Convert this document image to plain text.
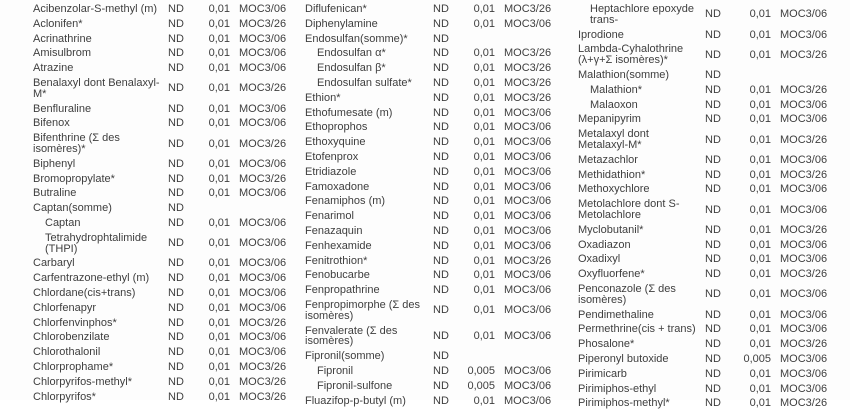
Acibenzolar-S-methyl (m) ND	0,01 MOC3/06
Aclonifen*	ND	0,01 MOC3/26
Acrinathrine	ND	0,01 MOC3/06
Amisulbrom	ND	0,01 MOC3/06
Atrazine	ND	0,01 MOC3/06
Benalaxyl dont Benalaxyl-M*	ND	0,01 MOC3/26
Benfluraline	ND	0,01 MOC3/06
Bifenox	ND	0,01 MOC3/06
Bifenthrine (Σ des isomères)*	ND	0,01 MOC3/26
Biphenyl	ND	0,01 MOC3/06
Bromopropylate*	ND	0,01 MOC3/26
Butraline	ND	0,01 MOC3/06
Captan(somme)	ND
Captan	ND	0,01 MOC3/06
Tetrahydrophtalimide (THPI)	ND	0,01 MOC3/06
Carbaryl	ND	0,01 MOC3/06
Carfentrazone-ethyl (m)	ND	0,01 MOC3/06
Chlordane(cis+trans)	ND	0,01 MOC3/06
Chlorfenapyr	ND	0,01 MOC3/06
Chlorfenvinphos*	ND	0,01 MOC3/26
Chlorobenzilate	ND	0,01 MOC3/06
Chlorothalonil	ND	0,01 MOC3/06
Chlorprophame*	ND	0,01 MOC3/26
Chlorpyrifos-methyl*	ND	0,01 MOC3/26
Chlorpyrifos*	ND	0,01 MOC3/26
Diflufenican*	ND	0,01 MOC3/26
Diphenylamine	ND	0,01 MOC3/06
Endosulfan(somme)*	ND
Endosulfan α*	ND	0,01 MOC3/26
Endosulfan β*	ND	0,01 MOC3/26
Endosulfan sulfate*	ND	0,01 MOC3/26
Ethion*	ND	0,01 MOC3/26
Ethofumesate (m)	ND	0,01 MOC3/06
Ethoprophos	ND	0,01 MOC3/06
Ethoxyquine	ND	0,01 MOC3/06
Etofenprox	ND	0,01 MOC3/06
Etridiazole	ND	0,01 MOC3/06
Famoxadone	ND	0,01 MOC3/06
Fenamiphos (m)	ND	0,01 MOC3/06
Fenarimol	ND	0,01 MOC3/06
Fenazaquin	ND	0,01 MOC3/06
Fenhexamide	ND	0,01 MOC3/06
Fenitrothion*	ND	0,01 MOC3/26
Fenobucarbe	ND	0,01 MOC3/06
Fenpropathrine	ND	0,01 MOC3/06
Fenpropimorphe (Σ des isomères)	ND	0,01 MOC3/06
Fenvalerate (Σ des isomères)	ND	0,01 MOC3/06
Fipronil(somme)	ND
Fipronil	ND	0,005 MOC3/06
Fipronil-sulfone	ND	0,005 MOC3/06
Fluazifop-p-butyl (m)	ND	0,01 MOC3/06
Heptachlore epoxyde trans-	ND	0,01 MOC3/06
Iprodione	ND	0,01 MOC3/06
Lambda-Cyhalothrine (λ+γ+Σ isomères)*	ND	0,01 MOC3/26
Malathion(somme)	ND
Malathion*	ND	0,01 MOC3/26
Malaoxon	ND	0,01 MOC3/06
Mepanipyrim	ND	0,01 MOC3/06
Metalaxyl dont Metalaxyl-M*	ND	0,01 MOC3/26
Metazachlor	ND	0,01 MOC3/06
Methidathion*	ND	0,01 MOC3/26
Methoxychlore	ND	0,01 MOC3/06
Metolachlore dont S-Metolachlore	ND	0,01 MOC3/06
Myclobutanil*	ND	0,01 MOC3/26
Oxadiazon	ND	0,01 MOC3/06
Oxadixyl	ND	0,01 MOC3/06
Oxyfluorfene*	ND	0,01 MOC3/26
Penconazole (Σ des isomères)	ND	0,01 MOC3/06
Pendimethaline	ND	0,01 MOC3/06
Permethrine(cis + trans) ND	0,01 MOC3/06
Phosalone*	ND	0,01 MOC3/26
Piperonyl butoxide	ND	0,005 MOC3/06
Pirimicarb	ND	0,01 MOC3/06
Pirimiphos-ethyl	ND	0,01 MOC3/06
Pirimiphos-methyl*	ND	0,01 MOC3/26
